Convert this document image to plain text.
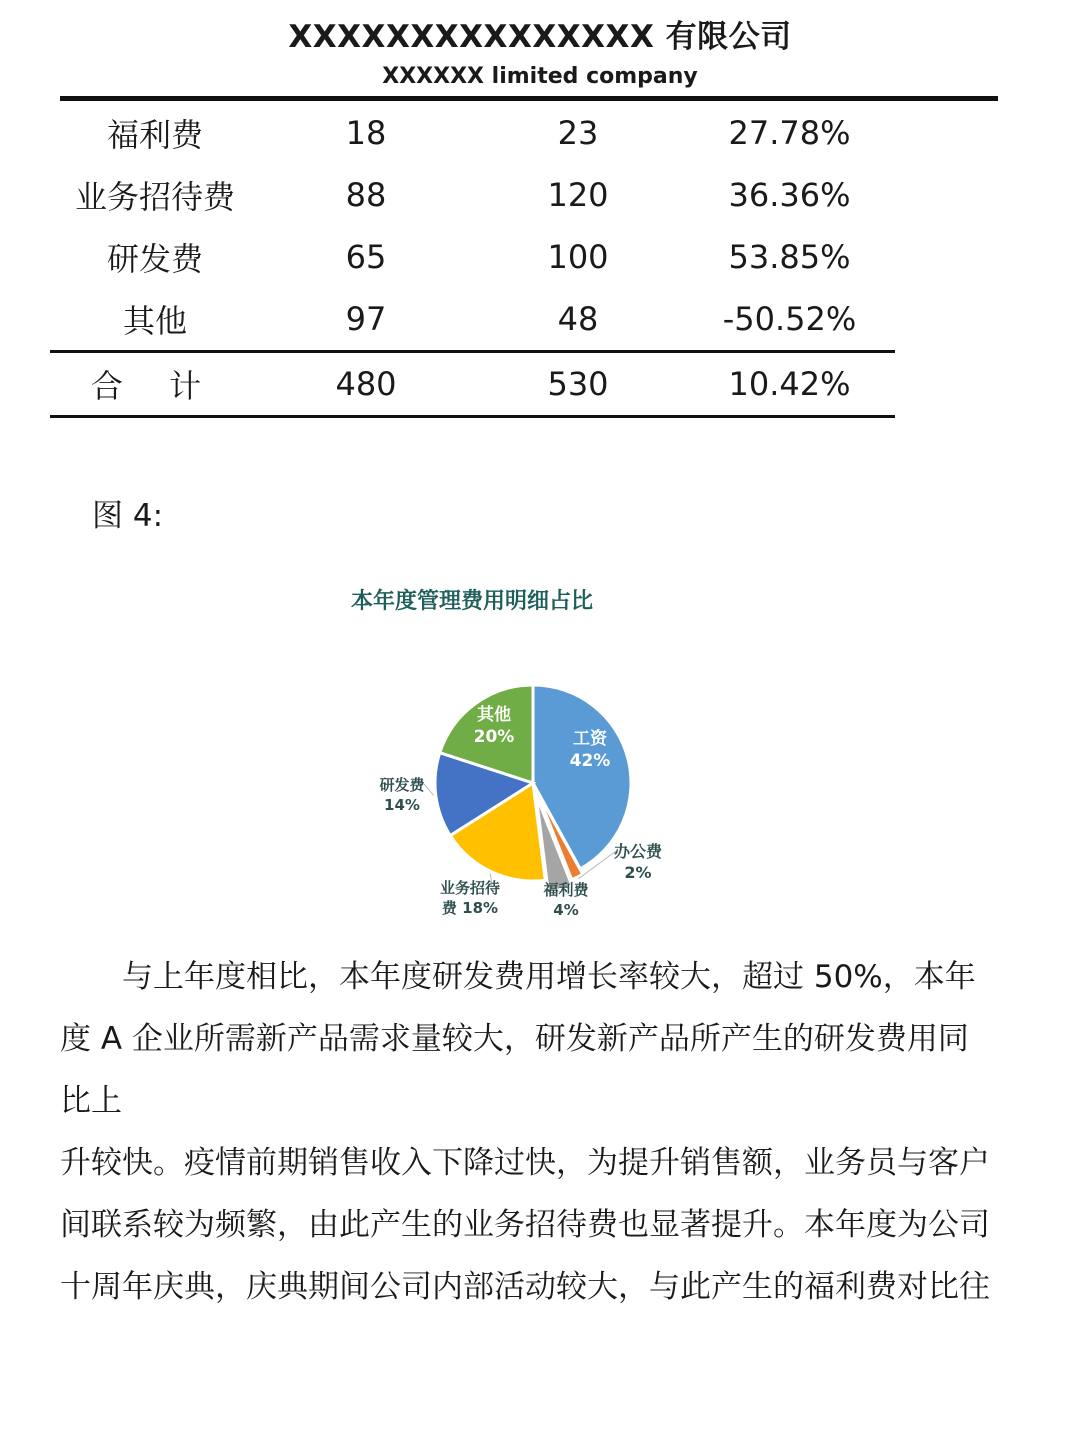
XXXXXXXXXXXXXXX 有限公司
XXXXXX limited company
福利费	18	23	27.78%
业务招待费	88	120	36.36%
研发费	65	100	53.85%
其他	97	48	-50.52%
合 计	480	530	10.42%
图 4:
本年度管理费用明细占比
工资 42%
办公费 2%
福利费 4%
业务招待费 18%
研发费 14%
其他 20%
与上年度相比，本年度研发费用增长率较大，超过 50%，本年
度 A 企业所需新产品需求量较大，研发新产品所产生的研发费用同
比上
升较快。疫情前期销售收入下降过快，为提升销售额，业务员与客户
间联系较为频繁，由此产生的业务招待费也显著提升。本年度为公司
十周年庆典，庆典期间公司内部活动较大，与此产生的福利费对比往
